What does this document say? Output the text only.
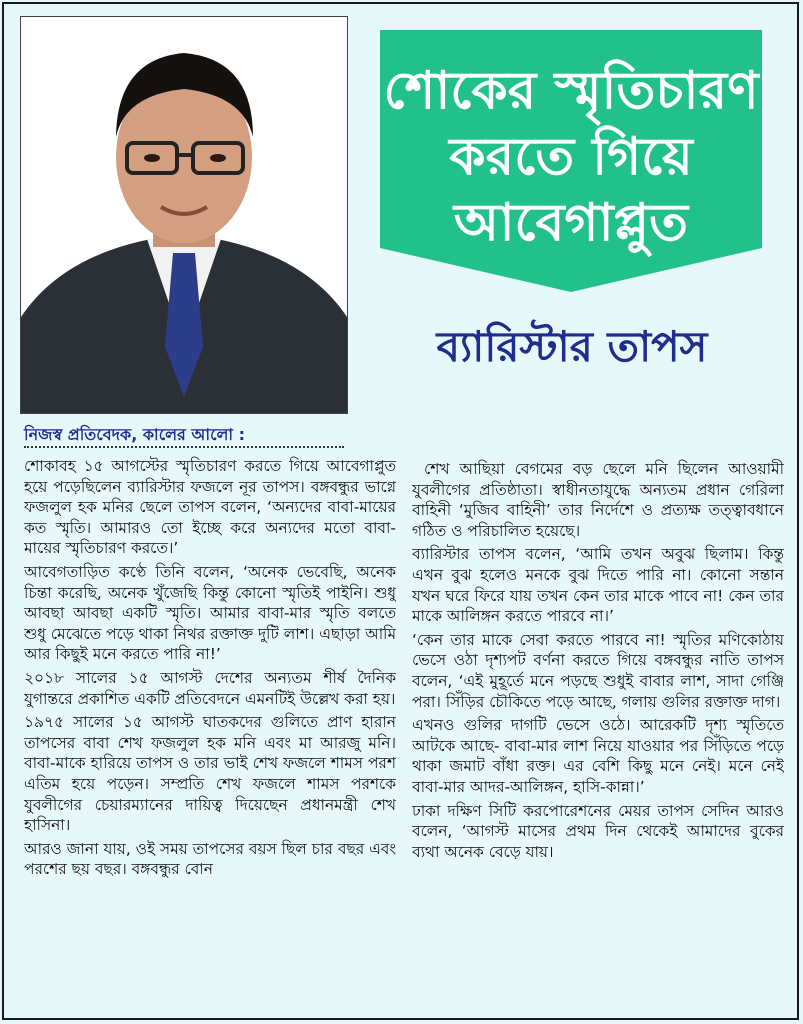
শোকের স্মৃতিচারণ
করতে গিয়ে
আবেগাপ্লুত
ব্যারিস্টার তাপস
নিজস্ব প্রতিবেদক, কালের আলো :

শোকাবহ ১৫ আগস্টের স্মৃতিচারণ করতে গিয়ে আবেগাপ্লুত হয়ে পড়েছিলেন ব্যারিস্টার ফজলে নূর তাপস। বঙ্গবন্ধুর ভাগ্নে ফজলুল হক মনির ছেলে তাপস বলেন, ‘অন্যদের বাবা-মায়ের কত স্মৃতি। আমারও তো ইচ্ছে করে অন্যদের মতো বাবা-মায়ের স্মৃতিচারণ করতে।’

আবেগতাড়িত কণ্ঠে তিনি বলেন, ‘অনেক ভেবেছি, অনেক চিন্তা করেছি, অনেক খুঁজেছি কিন্তু কোনো স্মৃতিই পাইনি। শুধু আবছা আবছা একটি স্মৃতি। আমার বাবা-মার স্মৃতি বলতে শুধু মেঝেতে পড়ে থাকা নিথর রক্তাক্ত দুটি লাশ। এছাড়া আমি আর কিছুই মনে করতে পারি না!’

২০১৮ সালের ১৫ আগস্ট দেশের অন্যতম শীর্ষ দৈনিক যুগান্তরে প্রকাশিত একটি প্রতিবেদনে এমনটিই উল্লেখ করা হয়।

১৯৭৫ সালের ১৫ আগস্ট ঘাতকদের গুলিতে প্রাণ হারান তাপসের বাবা শেখ ফজলুল হক মনি এবং মা আরজু মনি। বাবা-মাকে হারিয়ে তাপস ও তার ভাই শেখ ফজলে শামস পরশ এতিম হয়ে পড়েন। সম্প্রতি শেখ ফজলে শামস পরশকে যুবলীগের চেয়ারম্যানের দায়িত্ব দিয়েছেন প্রধানমন্ত্রী শেখ হাসিনা।

আরও জানা যায়, ওই সময় তাপসের বয়স ছিল চার বছর এবং পরশের ছয় বছর। বঙ্গবন্ধুর বোন

শেখ আছিয়া বেগমের বড় ছেলে মনি ছিলেন আওয়ামী যুবলীগের প্রতিষ্ঠাতা। স্বাধীনতাযুদ্ধে অন্যতম প্রধান গেরিলা বাহিনী ‘মুজিব বাহিনী’ তার নির্দেশে ও প্রত্যক্ষ তত্ত্বাবধানে গঠিত ও পরিচালিত হয়েছে।

ব্যারিস্টার তাপস বলেন, ‘আমি তখন অবুঝ ছিলাম। কিন্তু এখন বুঝ হলেও মনকে বুঝ দিতে পারি না। কোনো সন্তান যখন ঘরে ফিরে যায় তখন কেন তার মাকে পাবে না! কেন তার মাকে আলিঙ্গন করতে পারবে না।’

‘কেন তার মাকে সেবা করতে পারবে না! স্মৃতির মণিকোঠায় ভেসে ওঠা দৃশ্যপট বর্ণনা করতে গিয়ে বঙ্গবন্ধুর নাতি তাপস বলেন, ‘এই মুহূর্তে মনে পড়ছে শুধুই বাবার লাশ, সাদা গেঞ্জি পরা। সিঁড়ির চৌকিতে পড়ে আছে, গলায় গুলির রক্তাক্ত দাগ।

এখনও গুলির দাগটি ভেসে ওঠে। আরেকটি দৃশ্য স্মৃতিতে আটকে আছে- বাবা-মার লাশ নিয়ে যাওয়ার পর সিঁড়িতে পড়ে থাকা জমাট বাঁধা রক্ত। এর বেশি কিছু মনে নেই। মনে নেই বাবা-মার আদর-আলিঙ্গন, হাসি-কান্না।’

ঢাকা দক্ষিণ সিটি করপোরেশনের মেয়র তাপস সেদিন আরও বলেন, ‘আগস্ট মাসের প্রথম দিন থেকেই আমাদের বুকের ব্যথা অনেক বেড়ে যায়।
